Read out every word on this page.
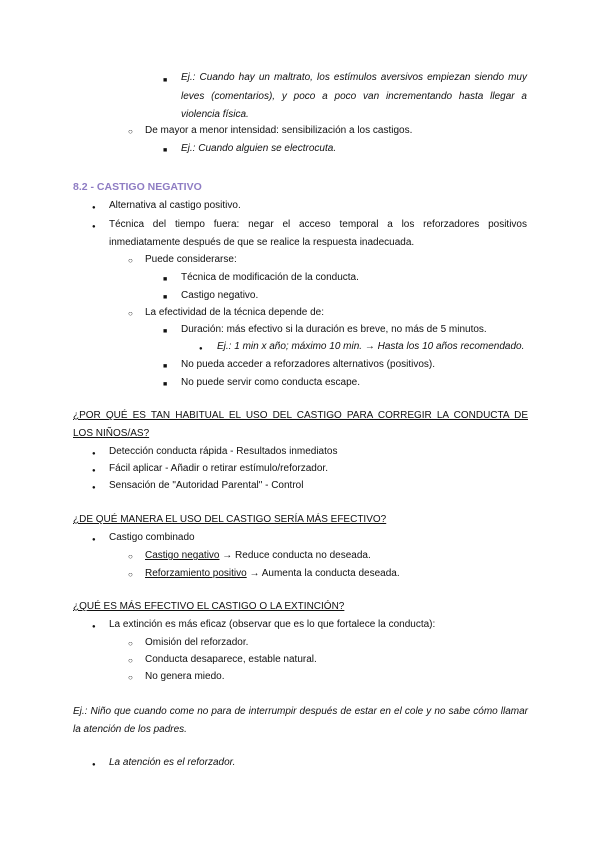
■
Ej.: Cuando hay un maltrato, los estímulos aversivos empiezan siendo muy
leves (comentarios), y poco a poco van incrementando hasta llegar a
violencia física.
○
De mayor a menor intensidad: sensibilización a los castigos.
■
Ej.: Cuando alguien se electrocuta.
8.2 - CASTIGO NEGATIVO
●
Alternativa al castigo positivo.
●
Técnica del tiempo fuera: negar el acceso temporal a los reforzadores positivos
inmediatamente después de que se realice la respuesta inadecuada.
○
Puede considerarse:
■
Técnica de modificación de la conducta.
■
Castigo negativo.
○
La efectividad de la técnica depende de:
■
Duración: más efectivo si la duración es breve, no más de 5 minutos.
●
Ej.: 1 min x año; máximo 10 min. → Hasta los 10 años recomendado.
■
No pueda acceder a reforzadores alternativos (positivos).
■
No puede servir como conducta escape.
¿POR QUÉ ES TAN HABITUAL EL USO DEL CASTIGO PARA CORREGIR LA CONDUCTA DE
LOS NIÑOS/AS?
●
Detección conducta rápida - Resultados inmediatos
●
Fácil aplicar - Añadir o retirar estímulo/reforzador.
●
Sensación de "Autoridad Parental" - Control
¿DE QUÉ MANERA EL USO DEL CASTIGO SERÍA MÁS EFECTIVO?
●
Castigo combinado
○
Castigo negativo → Reduce conducta no deseada.
○
Reforzamiento positivo → Aumenta la conducta deseada.
¿QUÉ ES MÁS EFECTIVO EL CASTIGO O LA EXTINCIÓN?
●
La extinción es más eficaz (observar que es lo que fortalece la conducta):
○
Omisión del reforzador.
○
Conducta desaparece, estable natural.
○
No genera miedo.
Ej.: Niño que cuando come no para de interrumpir después de estar en el cole y no sabe cómo llamar
la atención de los padres.
●
La atención es el reforzador.
